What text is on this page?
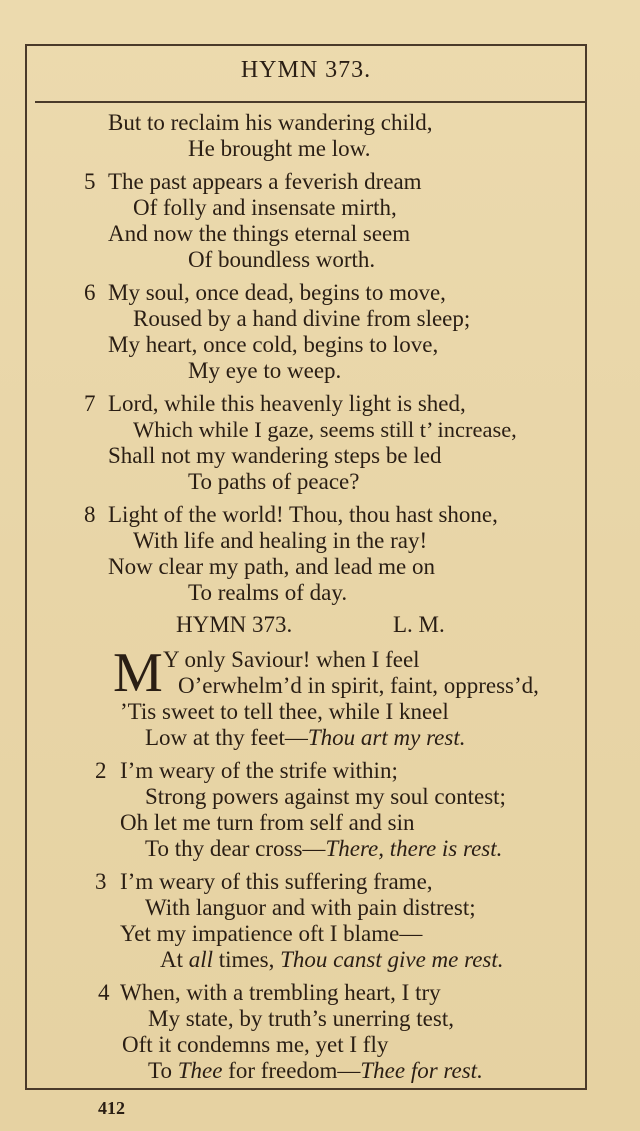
HYMN 373.
But to reclaim his wandering child,
He brought me low.
5 The past appears a feverish dream
Of folly and insensate mirth,
And now the things eternal seem
Of boundless worth.
6 My soul, once dead, begins to move,
Roused by a hand divine from sleep;
My heart, once cold, begins to love,
My eye to weep.
7 Lord, while this heavenly light is shed,
Which while I gaze, seems still t’ increase,
Shall not my wandering steps be led
To paths of peace?
8 Light of the world! Thou, thou hast shone,
With life and healing in the ray!
Now clear my path, and lead me on
To realms of day.
HYMN 373.	L. M.
M Y only Saviour! when I feel
O’erwhelm’d in spirit, faint, oppress’d,
’Tis sweet to tell thee, while I kneel
Low at thy feet—Thou art my rest.
2 I’m weary of the strife within;
Strong powers against my soul contest;
Oh let me turn from self and sin
To thy dear cross—There, there is rest.
3 I’m weary of this suffering frame,
With languor and with pain distrest;
Yet my impatience oft I blame—
At all times, Thou canst give me rest.
4 When, with a trembling heart, I try
My state, by truth’s unerring test,
Oft it condemns me, yet I fly
To Thee for freedom—Thee for rest.
412
